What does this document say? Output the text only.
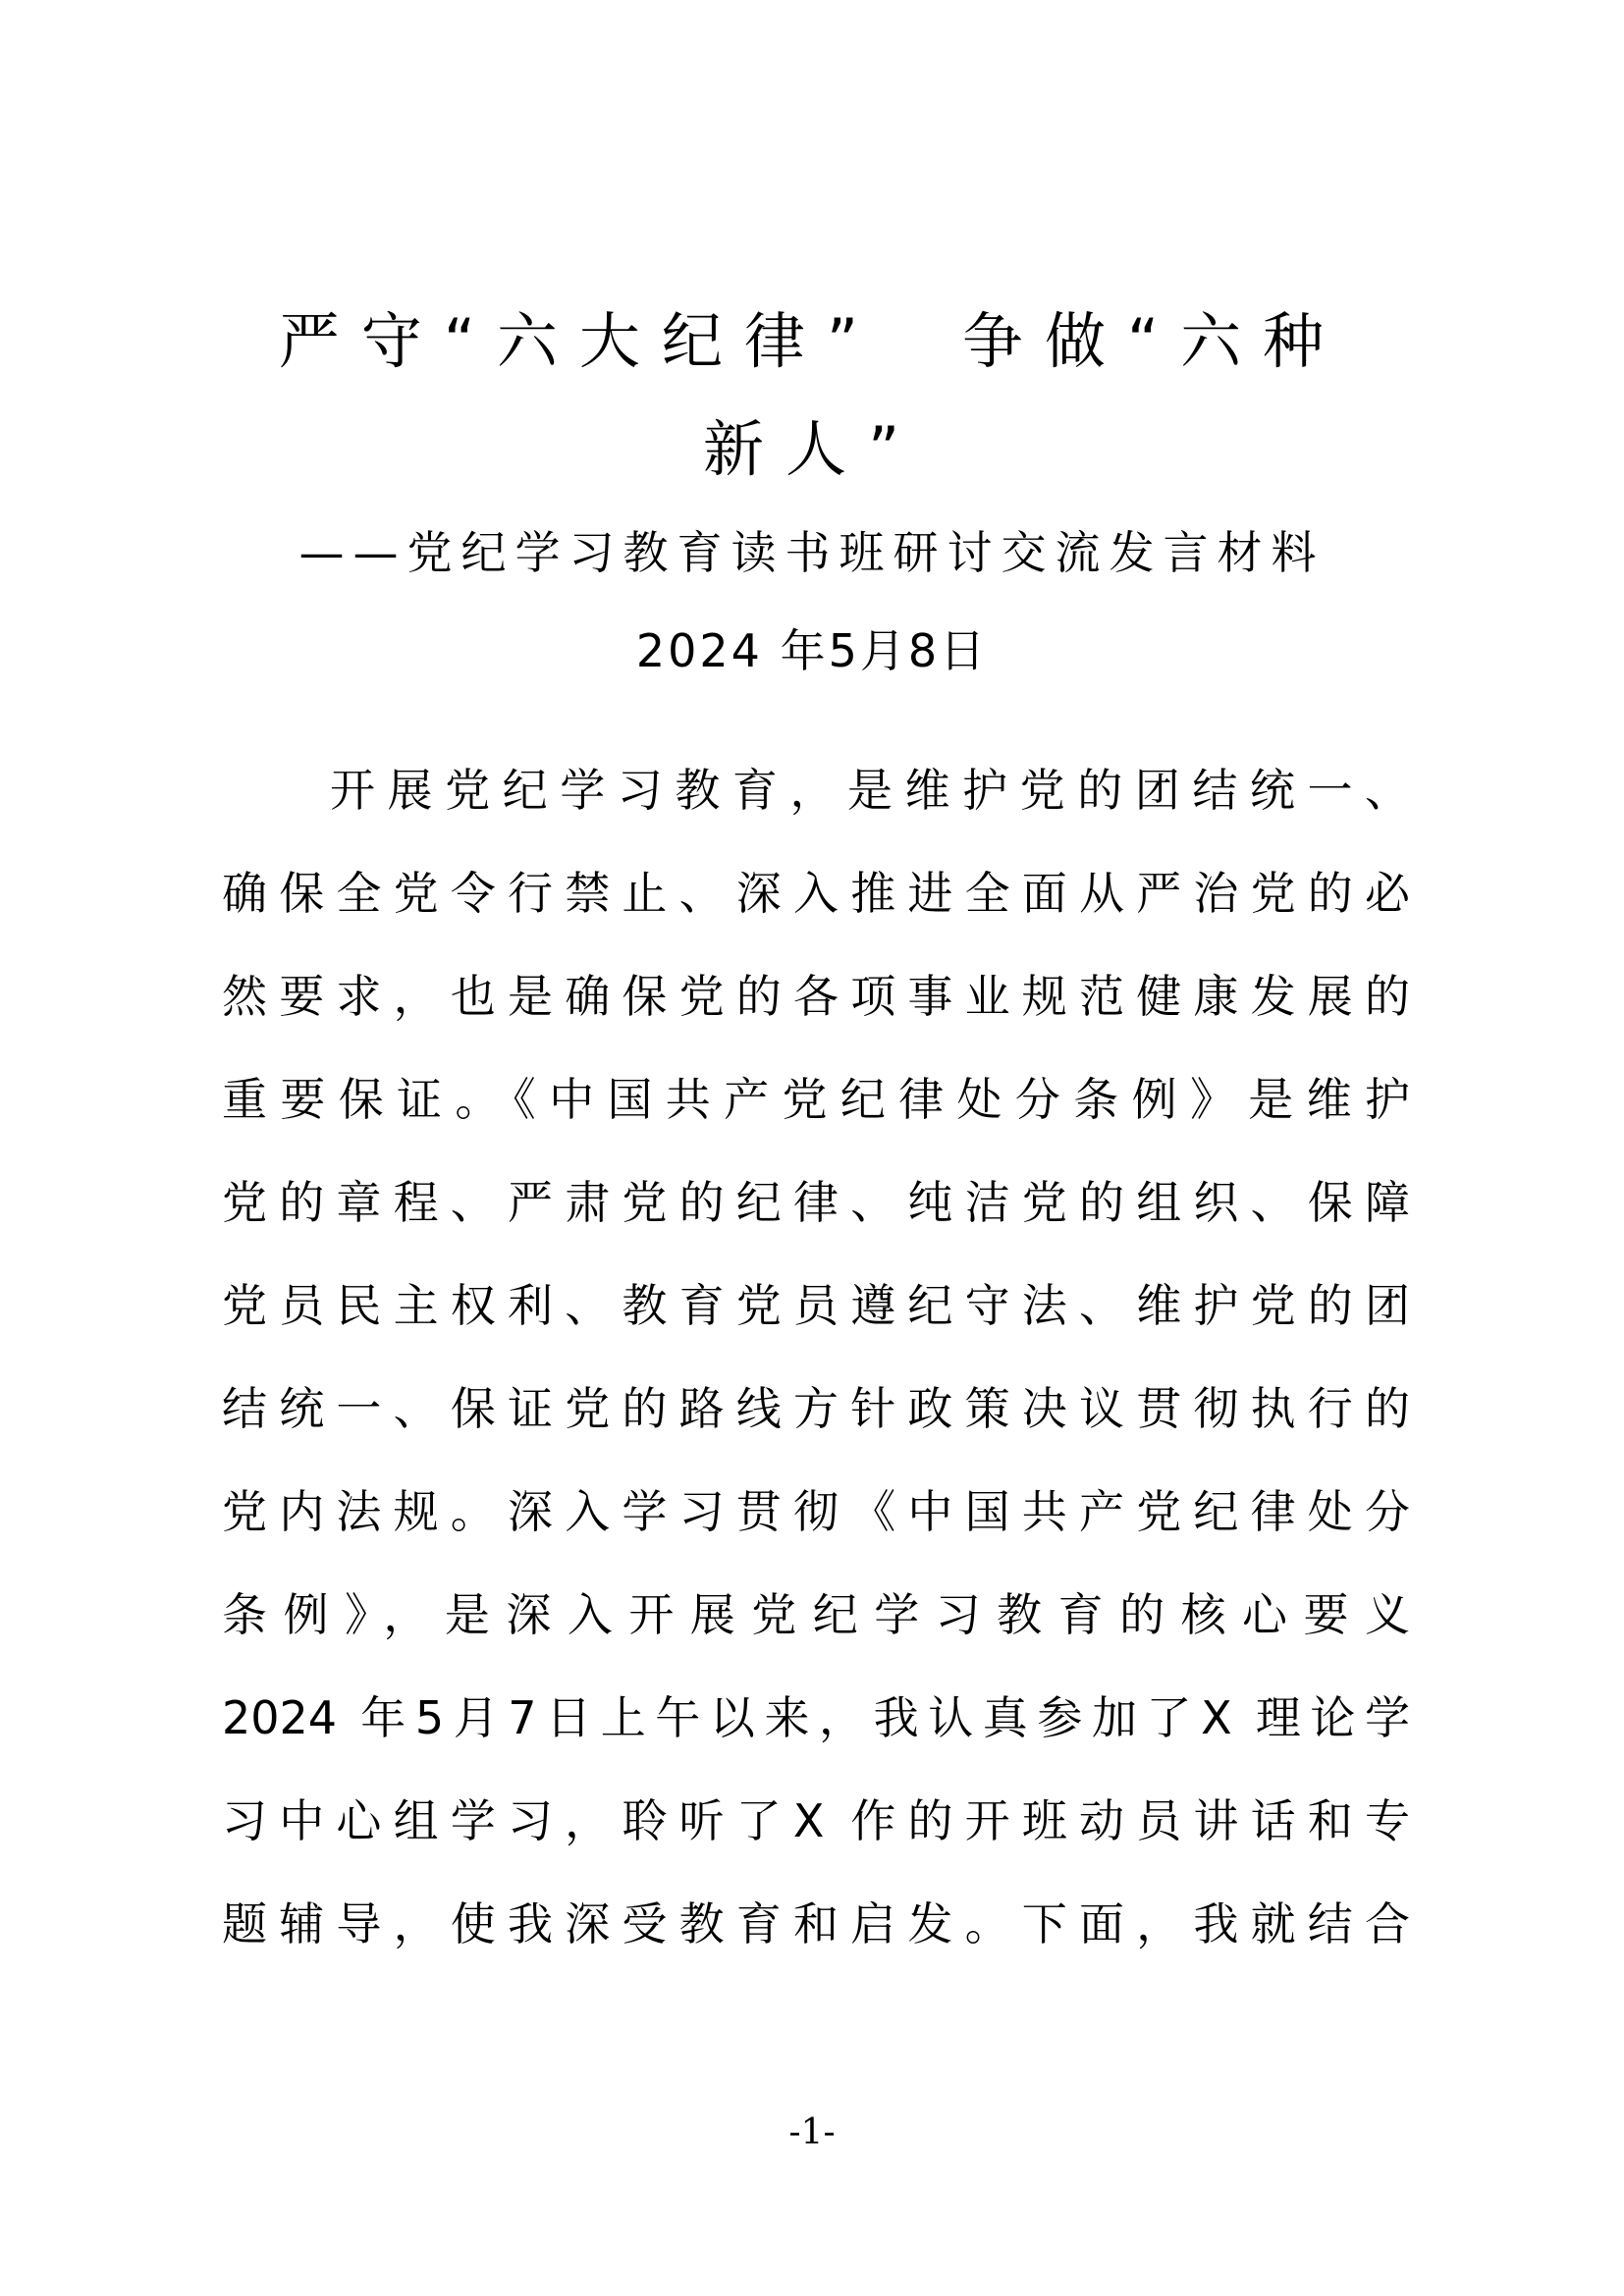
严守“六大纪律”　争做“六种
新人”
——党纪学习教育读书班研讨交流发言材料
2024 年5月8日
开展党纪学习教育，是维护党的团结统一、
确保全党令行禁止、深入推进全面从严治党的必
然要求，也是确保党的各项事业规范健康发展的
重要保证。《中国共产党纪律处分条例》是维护
党的章程、严肃党的纪律、纯洁党的组织、保障
党员民主权利、教育党员遵纪守法、维护党的团
结统一、保证党的路线方针政策决议贯彻执行的
党内法规。深入学习贯彻《中国共产党纪律处分
条例》，是深入开展党纪学习教育的核心要义
2024 年5月7日上午以来，我认真参加了X 理论学
习中心组学习，聆听了X 作的开班动员讲话和专
题辅导，使我深受教育和启发。下面，我就结合
-1-
